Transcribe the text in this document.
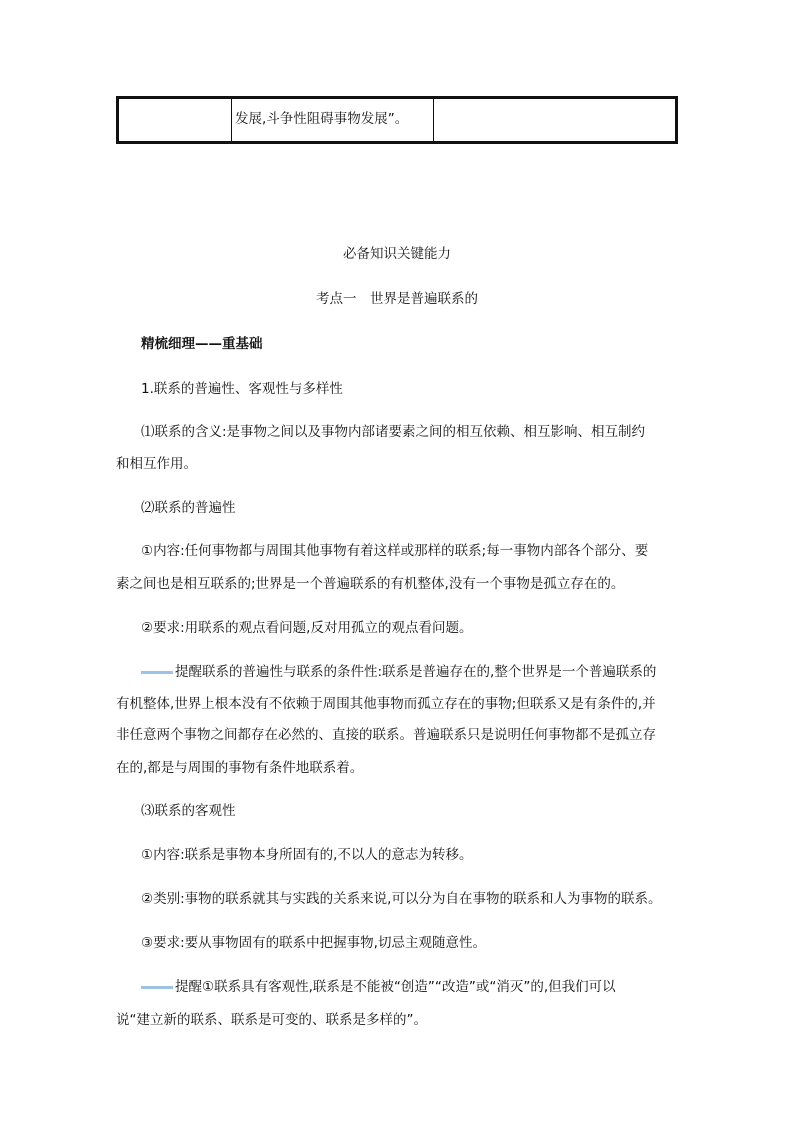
发展,斗争性阻碍事物发展”。
必备知识关键能力
考点一　世界是普遍联系的
精梳细理——重基础
1.联系的普遍性、客观性与多样性
⑴联系的含义:是事物之间以及事物内部诸要素之间的相互依赖、相互影响、相互制约
和相互作用。
⑵联系的普遍性
①内容:任何事物都与周围其他事物有着这样或那样的联系;每一事物内部各个部分、要
素之间也是相互联系的;世界是一个普遍联系的有机整体,没有一个事物是孤立存在的。
②要求:用联系的观点看问题,反对用孤立的观点看问题。
提醒联系的普遍性与联系的条件性:联系是普遍存在的,整个世界是一个普遍联系的
有机整体,世界上根本没有不依赖于周围其他事物而孤立存在的事物;但联系又是有条件的,并
非任意两个事物之间都存在必然的、直接的联系。普遍联系只是说明任何事物都不是孤立存
在的,都是与周围的事物有条件地联系着。
⑶联系的客观性
①内容:联系是事物本身所固有的,不以人的意志为转移。
②类别:事物的联系就其与实践的关系来说,可以分为自在事物的联系和人为事物的联系。
③要求:要从事物固有的联系中把握事物,切忌主观随意性。
提醒①联系具有客观性,联系是不能被“创造”“改造”或“消灭”的,但我们可以
说“建立新的联系、联系是可变的、联系是多样的”。
